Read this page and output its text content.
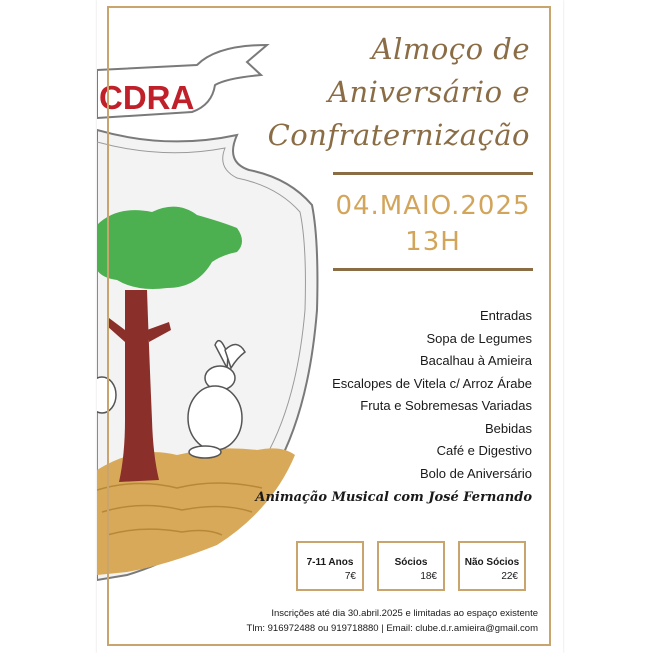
CDRA
Almoço de
Aniversário e
Confraternização
04.MAIO.2025
13H
Entradas
Sopa de Legumes
Bacalhau à Amieira
Escalopes de Vitela c/ Arroz Árabe
Fruta e Sobremesas Variadas
Bebidas
Café e Digestivo
Bolo de Aniversário
Animação Musical com José Fernando
7-11 Anos
7€
Sócios
18€
Não Sócios
22€
Inscrições até dia 30.abril.2025 e limitadas ao espaço existente
Tlm: 916972488 ou 919718880 | Email: clube.d.r.amieira@gmail.com
